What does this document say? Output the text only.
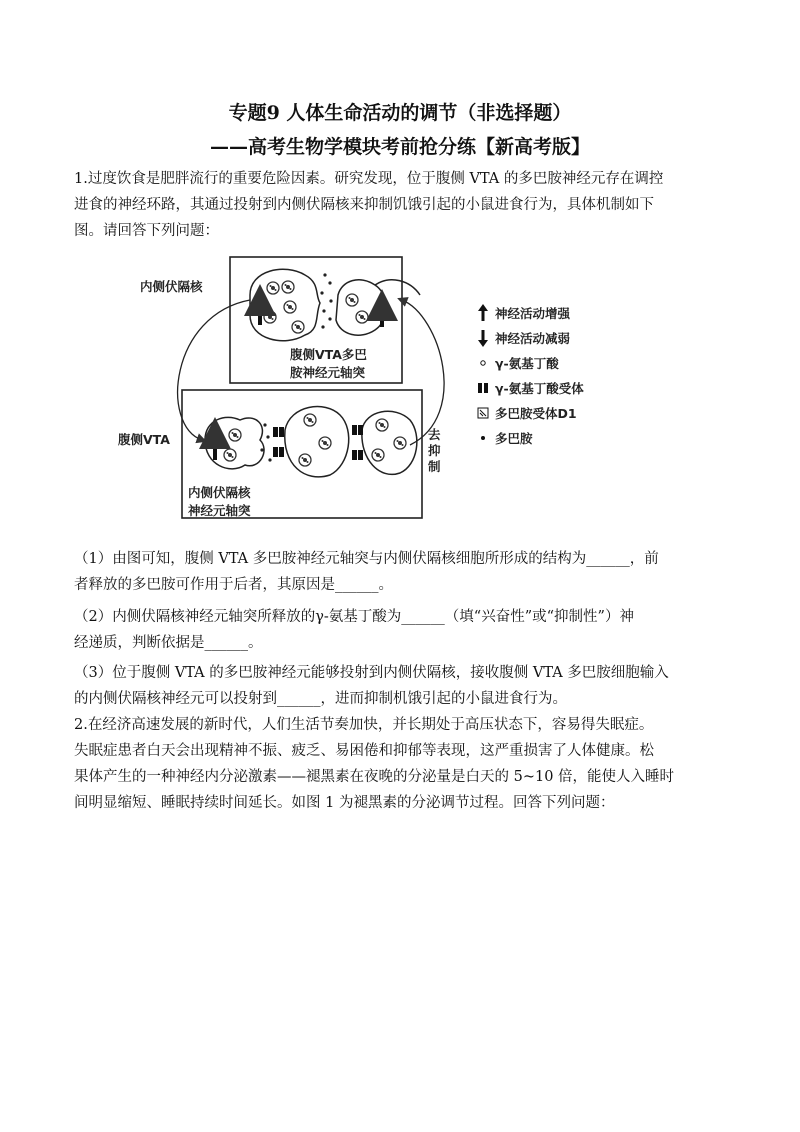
专题9 人体生命活动的调节（非选择题）
——高考生物学模块考前抢分练【新高考版】
1.过度饮食是肥胖流行的重要危险因素。研究发现，位于腹侧 VTA 的多巴胺神经元存在调控
进食的神经环路，其通过投射到内侧伏隔核来抑制饥饿引起的小鼠进食行为，具体机制如下
图。请回答下列问题：
内侧伏隔核
腹侧VTA多巴
胺神经元轴突
腹侧VTA
内侧伏隔核
神经元轴突
去
抑
制
神经活动增强
神经活动减弱
γ-氨基丁酸
γ-氨基丁酸受体
多巴胺受体D1
多巴胺
（1）由图可知，腹侧 VTA 多巴胺神经元轴突与内侧伏隔核细胞所形成的结构为______，前
者释放的多巴胺可作用于后者，其原因是______。
（2）内侧伏隔核神经元轴突所释放的γ-氨基丁酸为______（填“兴奋性”或“抑制性”）神
经递质，判断依据是______。
（3）位于腹侧 VTA 的多巴胺神经元能够投射到内侧伏隔核，接收腹侧 VTA 多巴胺细胞输入
的内侧伏隔核神经元可以投射到______，进而抑制机饿引起的小鼠进食行为。
2.在经济高速发展的新时代，人们生活节奏加快，并长期处于高压状态下，容易得失眠症。
失眠症患者白天会出现精神不振、疲乏、易困倦和抑郁等表现，这严重损害了人体健康。松
果体产生的一种神经内分泌激素——褪黑素在夜晚的分泌量是白天的 5~10 倍，能使人入睡时
间明显缩短、睡眠持续时间延长。如图 1 为褪黑素的分泌调节过程。回答下列问题：
